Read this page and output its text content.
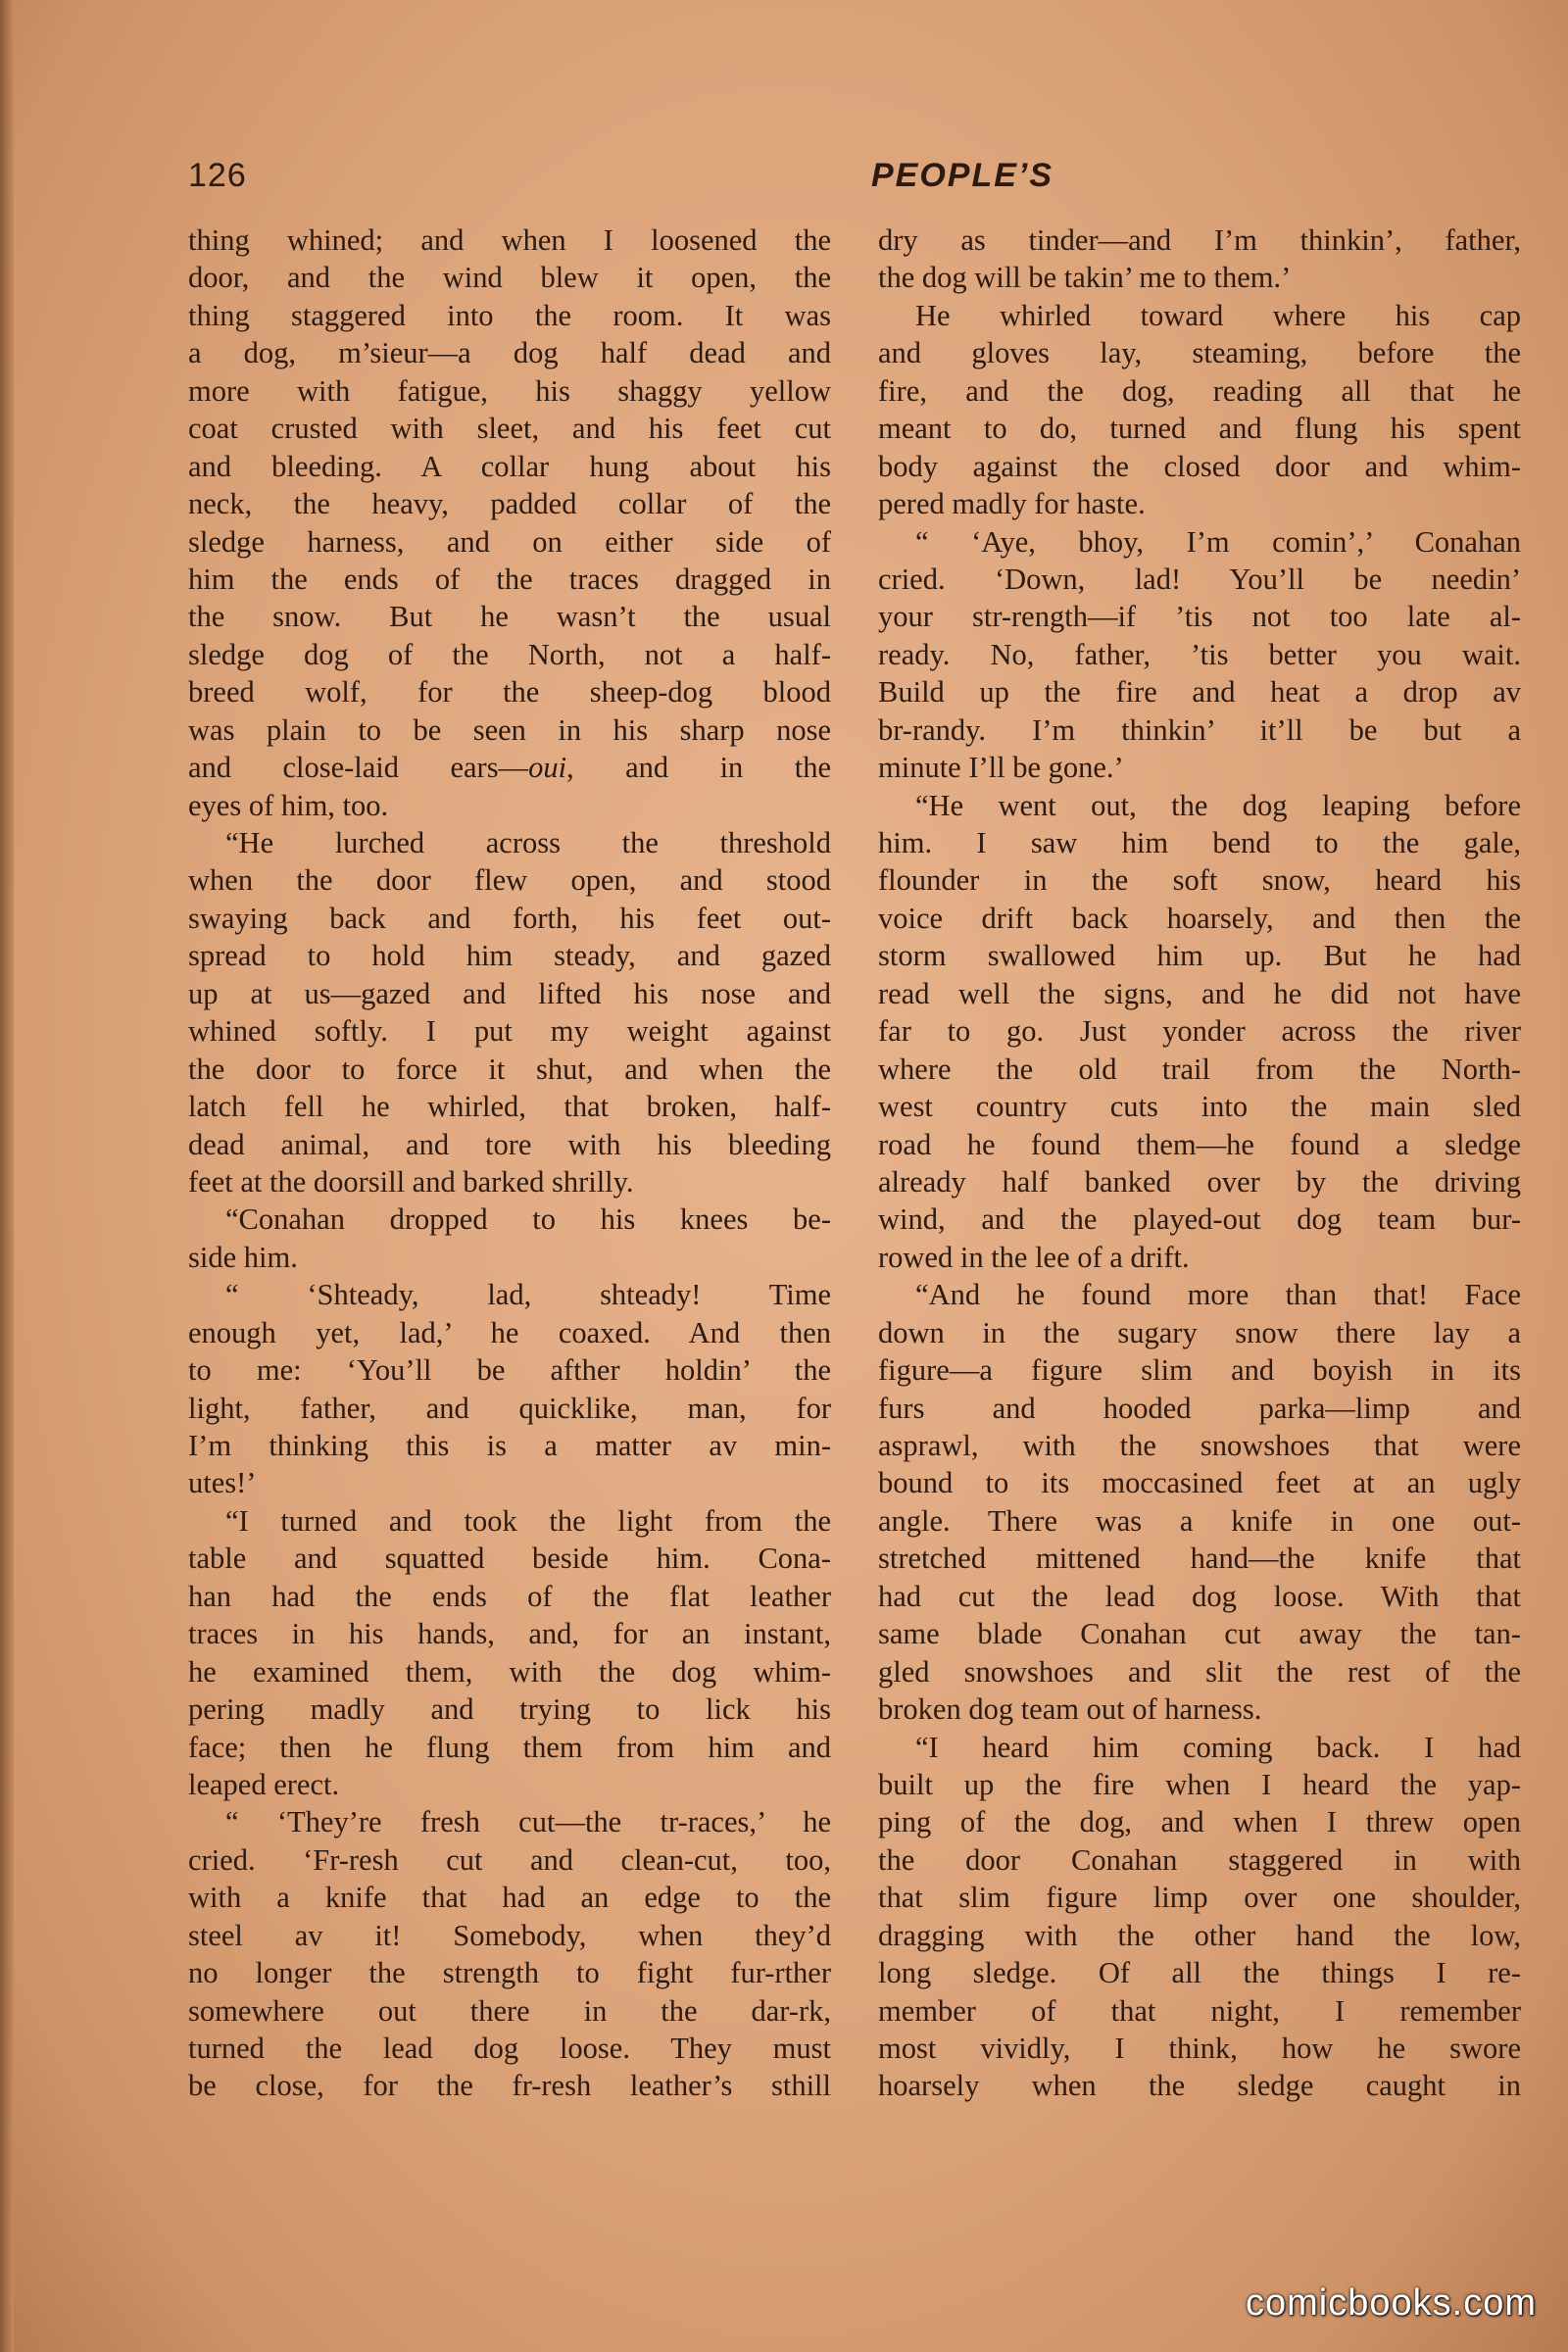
126	PEOPLE’S
thing whined; and when I loosened the
door, and the wind blew it open, the
thing staggered into the room. It was
a dog, m’sieur—a dog half dead and
more with fatigue, his shaggy yellow
coat crusted with sleet, and his feet cut
and bleeding. A collar hung about his
neck, the heavy, padded collar of the
sledge harness, and on either side of
him the ends of the traces dragged in
the snow. But he wasn’t the usual
sledge dog of the North, not a half-
breed wolf, for the sheep-dog blood
was plain to be seen in his sharp nose
and close-laid ears—oui, and in the
eyes of him, too.
“He lurched across the threshold
when the door flew open, and stood
swaying back and forth, his feet out-
spread to hold him steady, and gazed
up at us—gazed and lifted his nose and
whined softly. I put my weight against
the door to force it shut, and when the
latch fell he whirled, that broken, half-
dead animal, and tore with his bleeding
feet at the doorsill and barked shrilly.
“Conahan dropped to his knees be-
side him.
“ ‘Shteady, lad, shteady! Time
enough yet, lad,’ he coaxed. And then
to me: ‘You’ll be afther holdin’ the
light, father, and quicklike, man, for
I’m thinking this is a matter av min-
utes!’
“I turned and took the light from the
table and squatted beside him. Cona-
han had the ends of the flat leather
traces in his hands, and, for an instant,
he examined them, with the dog whim-
pering madly and trying to lick his
face; then he flung them from him and
leaped erect.
“ ‘They’re fresh cut—the tr-races,’ he
cried. ‘Fr-resh cut and clean-cut, too,
with a knife that had an edge to the
steel av it! Somebody, when they’d
no longer the strength to fight fur-rther
somewhere out there in the dar-rk,
turned the lead dog loose. They must
be close, for the fr-resh leather’s sthill
dry as tinder—and I’m thinkin’, father,
the dog will be takin’ me to them.’
He whirled toward where his cap
and gloves lay, steaming, before the
fire, and the dog, reading all that he
meant to do, turned and flung his spent
body against the closed door and whim-
pered madly for haste.
“ ‘Aye, bhoy, I’m comin’,’ Conahan
cried. ‘Down, lad! You’ll be needin’
your str-rength—if ’tis not too late al-
ready. No, father, ’tis better you wait.
Build up the fire and heat a drop av
br-randy. I’m thinkin’ it’ll be but a
minute I’ll be gone.’
“He went out, the dog leaping before
him. I saw him bend to the gale,
flounder in the soft snow, heard his
voice drift back hoarsely, and then the
storm swallowed him up. But he had
read well the signs, and he did not have
far to go. Just yonder across the river
where the old trail from the North-
west country cuts into the main sled
road he found them—he found a sledge
already half banked over by the driving
wind, and the played-out dog team bur-
rowed in the lee of a drift.
“And he found more than that! Face
down in the sugary snow there lay a
figure—a figure slim and boyish in its
furs and hooded parka—limp and
asprawl, with the snowshoes that were
bound to its moccasined feet at an ugly
angle. There was a knife in one out-
stretched mittened hand—the knife that
had cut the lead dog loose. With that
same blade Conahan cut away the tan-
gled snowshoes and slit the rest of the
broken dog team out of harness.
“I heard him coming back. I had
built up the fire when I heard the yap-
ping of the dog, and when I threw open
the door Conahan staggered in with
that slim figure limp over one shoulder,
dragging with the other hand the low,
long sledge. Of all the things I re-
member of that night, I remember
most vividly, I think, how he swore
hoarsely when the sledge caught in
comicbooks.com
